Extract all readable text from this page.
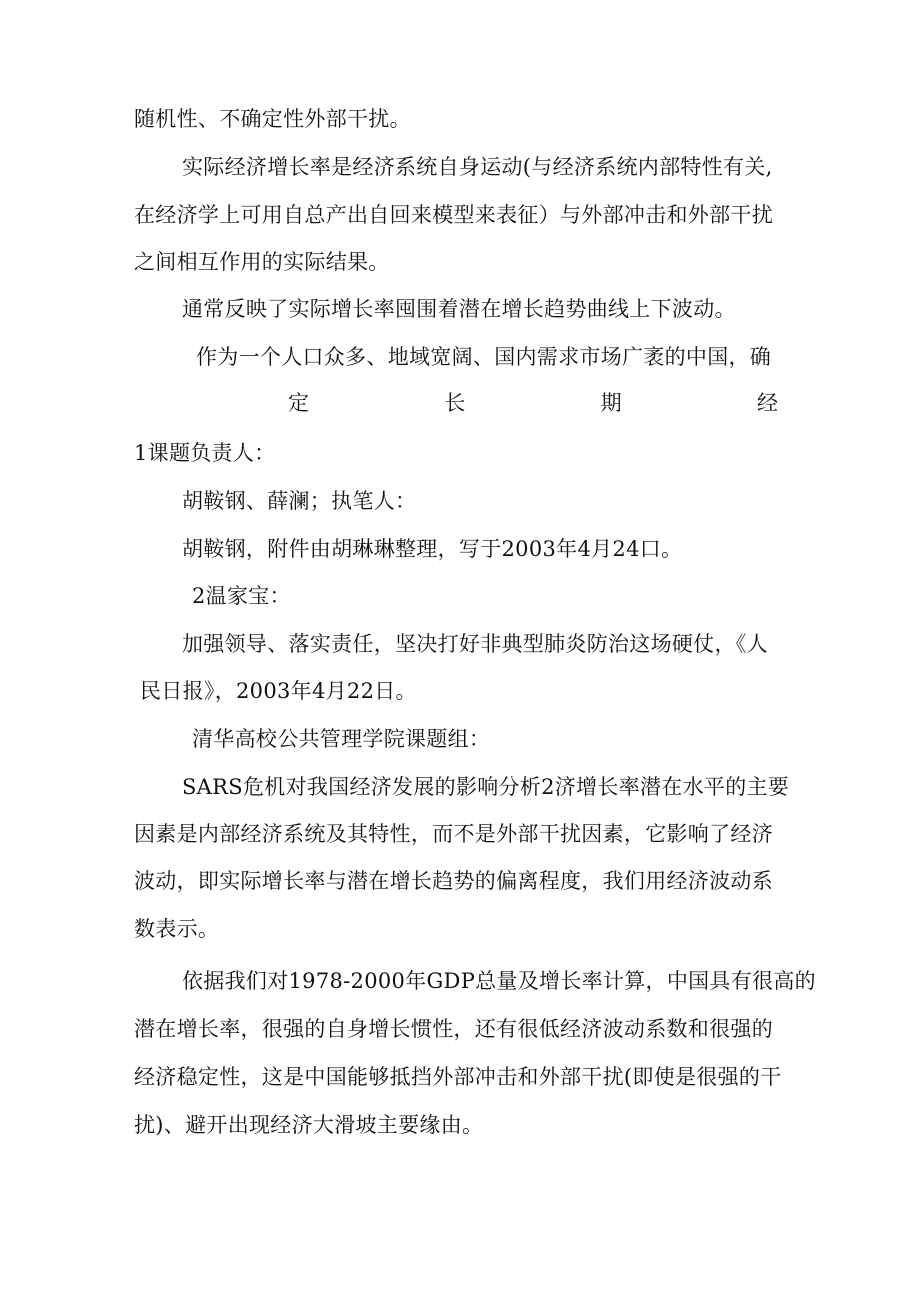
随机性、不确定性外部干扰。
实际经济增长率是经济系统自身运动(与经济系统内部特性有关,
在经济学上可用自总产出自回来模型来表征）与外部冲击和外部干扰
之间相互作用的实际结果。
通常反映了实际增长率囤围着潜在增长趋势曲线上下波动。
作为一个人口众多、地域宽阔、国内需求市场广袤的中国，确
定	长	期	经
1课题负责人：
胡鞍钢、薛澜；执笔人：
胡鞍钢，附件由胡琳琳整理，写于2003年4月24口。
2温家宝：
加强领导、落实责任，坚决打好非典型肺炎防治这场硬仗，《人
民日报》，2003年4月22日。
清华高校公共管理学院课题组：
SARS危机对我国经济发展的影响分析2济增长率潜在水平的主要
因素是内部经济系统及其特性，而不是外部干扰因素，它影响了经济
波动，即实际增长率与潜在增长趋势的偏离程度，我们用经济波动系
数表示。
依据我们对1978-2000年GDP总量及增长率计算，中国具有很高的
潜在增长率，很强的自身增长惯性，还有很低经济波动系数和很强的
经济稳定性，这是中国能够抵挡外部冲击和外部干扰(即使是很强的干
扰)、避开出现经济大滑坡主要缘由。
